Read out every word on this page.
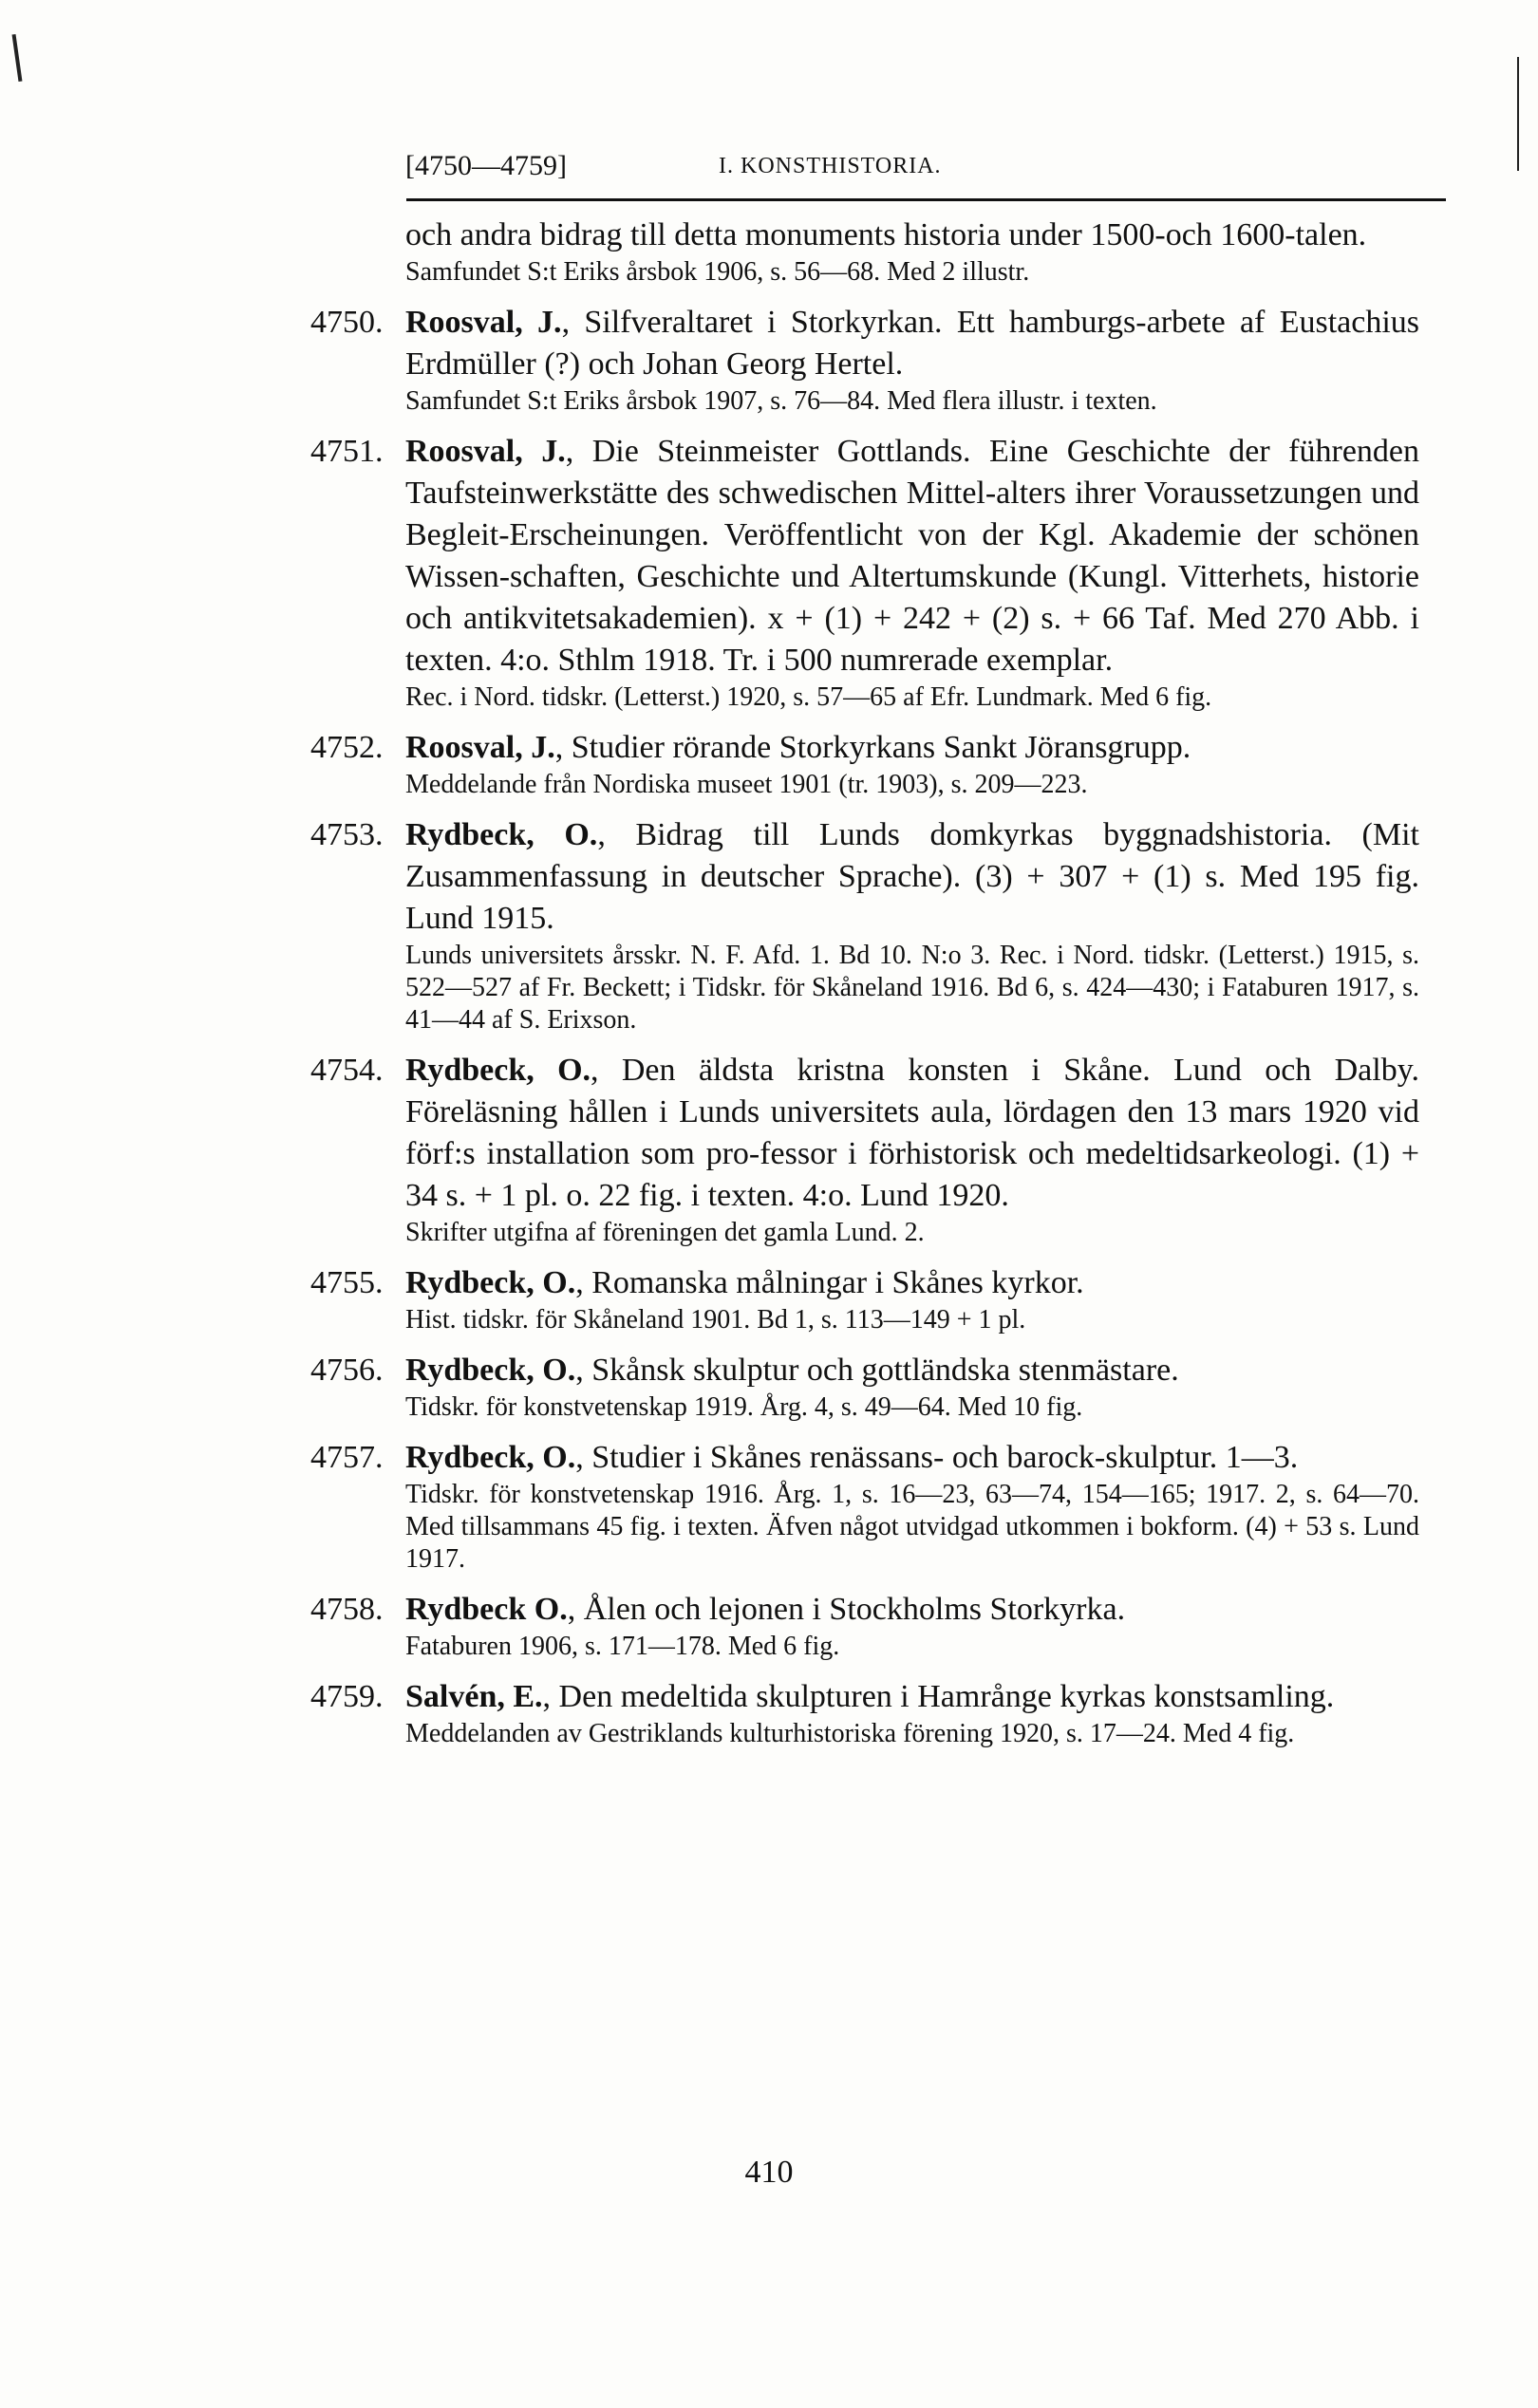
[4750—4759]	I. KONSTHISTORIA.
och andra bidrag till detta monuments historia under 1500-och 1600-talen.
Samfundet S:t Eriks årsbok 1906, s. 56—68. Med 2 illustr.
4750. Roosval, J., Silfveraltaret i Storkyrkan. Ett hamburgs-arbete af Eustachius Erdmüller (?) och Johan Georg Hertel.
Samfundet S:t Eriks årsbok 1907, s. 76—84. Med flera illustr. i texten.
4751. Roosval, J., Die Steinmeister Gottlands. Eine Geschichte der führenden Taufsteinwerkstätte des schwedischen Mittel-alters ihrer Voraussetzungen und Begleit-Erscheinungen. Veröffentlicht von der Kgl. Akademie der schönen Wissen-schaften, Geschichte und Altertumskunde (Kungl. Vitterhets, historie och antikvitetsakademien). x + (1) + 242 + (2) s. + 66 Taf. Med 270 Abb. i texten. 4:o. Sthlm 1918. Tr. i 500 numrerade exemplar.
Rec. i Nord. tidskr. (Letterst.) 1920, s. 57—65 af Efr. Lundmark. Med 6 fig.
4752. Roosval, J., Studier rörande Storkyrkans Sankt Jöransgrupp.
Meddelande från Nordiska museet 1901 (tr. 1903), s. 209—223.
4753. Rydbeck, O., Bidrag till Lunds domkyrkas byggnadshistoria. (Mit Zusammenfassung in deutscher Sprache). (3) + 307 + (1) s. Med 195 fig. Lund 1915.
Lunds universitets årsskr. N. F. Afd. 1. Bd 10. N:o 3. Rec. i Nord. tidskr. (Letterst.) 1915, s. 522—527 af Fr. Beckett; i Tidskr. för Skåneland 1916. Bd 6, s. 424—430; i Fataburen 1917, s. 41—44 af S. Erixson.
4754. Rydbeck, O., Den äldsta kristna konsten i Skåne. Lund och Dalby. Föreläsning hållen i Lunds universitets aula, lördagen den 13 mars 1920 vid förf:s installation som pro-fessor i förhistorisk och medeltidsarkeologi. (1) + 34 s. + 1 pl. o. 22 fig. i texten. 4:o. Lund 1920.
Skrifter utgifna af föreningen det gamla Lund. 2.
4755. Rydbeck, O., Romanska målningar i Skånes kyrkor.
Hist. tidskr. för Skåneland 1901. Bd 1, s. 113—149 + 1 pl.
4756. Rydbeck, O., Skånsk skulptur och gottländska stenmästare.
Tidskr. för konstvetenskap 1919. Årg. 4, s. 49—64. Med 10 fig.
4757. Rydbeck, O., Studier i Skånes renässans- och barock-skulptur. 1—3.
Tidskr. för konstvetenskap 1916. Årg. 1, s. 16—23, 63—74, 154—165; 1917. 2, s. 64—70. Med tillsammans 45 fig. i texten. Äfven något utvidgad utkommen i bokform. (4) + 53 s. Lund 1917.
4758. Rydbeck O., Ålen och lejonen i Stockholms Storkyrka.
Fataburen 1906, s. 171—178. Med 6 fig.
4759. Salvén, E., Den medeltida skulpturen i Hamrånge kyrkas konstsamling.
Meddelanden av Gestriklands kulturhistoriska förening 1920, s. 17—24. Med 4 fig.
410
